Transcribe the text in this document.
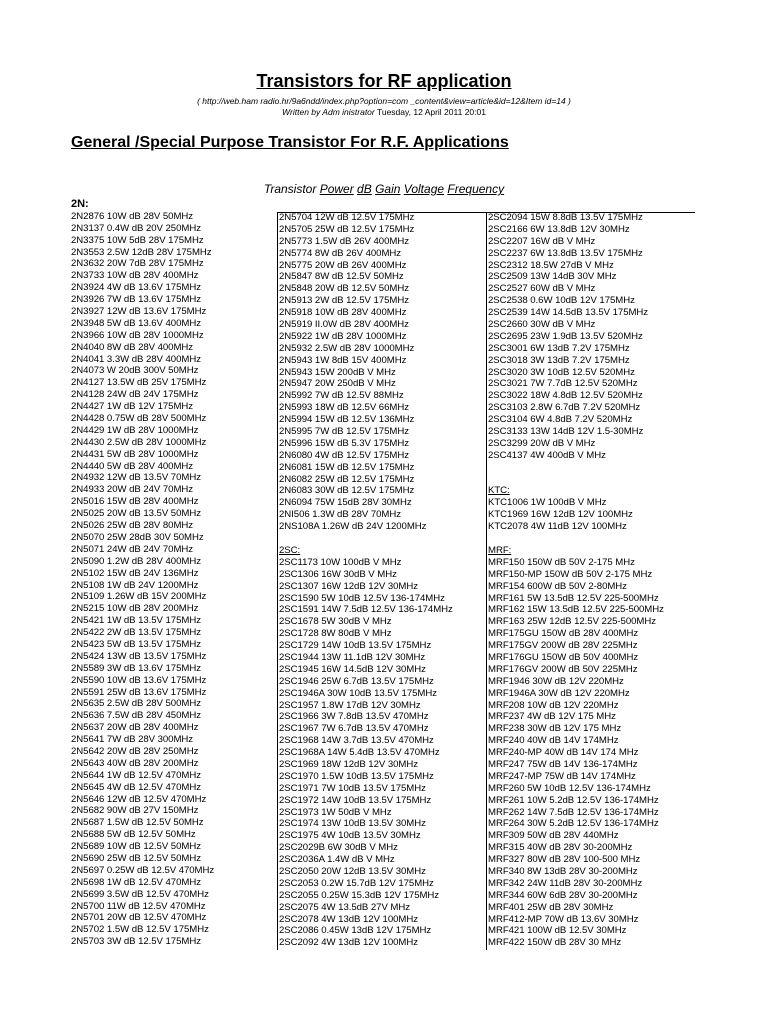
Transistors for RF application

( http://web.ham radio.hr/9a6ndd/index.php?option=com _content&view=article&id=12&Item id=14 )

Written by Adm inistrator Tuesday, 12 April 2011 20:01

General /Special Purpose Transistor For R.F. Applications

Transistor Power dB Gain Voltage Frequency

2N:
2N2876 10W dB 28V 50MHz
2N3137 0.4W dB 20V 250MHz
2N3375 10W 5dB 28V 175MHz
2N3553 2.5W 12dB 28V 175MHz
2N3632 20W 7dB 28V 175MHz
2N3733 10W dB 28V 400MHz
2N3924 4W dB 13.6V 175MHz
2N3926 7W dB 13.6V 175MHz
2N3927 12W dB 13.6V 175MHz
2N3948 5W dB 13.6V 400MHz
2N3966 10W dB 28V 1000MHz
2N4040 8W dB 28V 400MHz
2N4041 3.3W dB 28V 400MHz
2N4073 W 20dB 300V 50MHz
2N4127 13.5W dB 25V 175MHz
2N4128 24W dB 24V 175MHz
2N4427 1W dB 12V 175MHz
2N4428 0.75W dB 28V 500MHz
2N4429 1W dB 28V 1000MHz
2N4430 2.5W dB 28V 1000MHz
2N4431 5W dB 28V 1000MHz
2N4440 5W dB 28V 400MHz
2N4932 12W dB 13.5V 70MHz
2N4933 20W dB 24V 70MHz
2N5016 15W dB 28V 400MHz
2N5025 20W dB 13.5V 50MHz
2N5026 25W dB 28V 80MHz
2N5070 25W 28dB 30V 50MHz
2N5071 24W dB 24V 70MHz
2N5090 1.2W dB 28V 400MHz
2N5102 15W dB 24V 136MHz
2N5108 1W dB 24V 1200MHz
2N5109 1.26W dB 15V 200MHz
2N5215 10W dB 28V 200MHz
2N5421 1W dB 13.5V 175MHz
2N5422 2W dB 13.5V 175MHz
2N5423 5W dB 13.5V 175MHz
2N5424 13W dB 13.5V 175MHz
2N5589 3W dB 13.6V 175MHz
2N5590 10W dB 13.6V 175MHz
2N5591 25W dB 13.6V 175MHz
2N5635 2.5W dB 28V 500MHz
2N5636 7.5W dB 28V 450MHz
2N5637 20W dB 28V 400MHz
2N5641 7W dB 28V 300MHz
2N5642 20W dB 28V 250MHz
2N5643 40W dB 28V 200MHz
2N5644 1W dB 12.5V 470MHz
2N5645 4W dB 12.5V 470MHz
2N5646 12W dB 12.5V 470MHz
2N5682 90W dB 27V 150MHz
2N5687 1.5W dB 12.5V 50MHz
2N5688 5W dB 12.5V 50MHz
2N5689 10W dB 12.5V 50MHz
2N5690 25W dB 12.5V 50MHz
2N5697 0.25W dB 12.5V 470MHz
2N5698 1W dB 12.5V 470MHz
2N5699 3.5W dB 12.5V 470MHz
2N5700 11W dB 12.5V 470MHz
2N5701 20W dB 12.5V 470MHz
2N5702 1.5W dB 12.5V 175MHz
2N5703 3W dB 12.5V 175MHz
2N5704 12W dB 12.5V 175MHz
2N5705 25W dB 12.5V 175MHz
2N5773 1.5W dB 26V 400MHz
2N5774 8W dB 26V 400MHz
2N5775 20W dB 26V 400MHz
2N5847 8W dB 12.5V 50MHz
2N5848 20W dB 12.5V 50MHz
2N5913 2W dB 12.5V 175MHz
2N5918 10W dB 28V 400MHz
2N5919 II.0W dB 28V 400MHz
2N5922 1W dB 28V 1000MHz
2N5932 2.5W dB 28V 1000MHz
2N5943 1W 8dB 15V 400MHz
2N5943 15W 200dB V MHz
2N5947 20W 250dB V MHz
2N5992 7W dB 12.5V 88MHz
2N5993 18W dB 12.5V 66MHz
2N5994 15W dB 12.5V 136MHz
2N5995 7W dB 12.5V 175MHz
2N5996 15W dB 5.3V 175MHz
2N6080 4W dB 12.5V 175MHz
2N6081 15W dB 12.5V 175MHz
2N6082 25W dB 12.5V 175MHz
2N6083 30W dB 12.5V 175MHz
2N6094 75W 15dB 28V 30MHz
2NI506 1.3W dB 28V 70MHz
2NS108A 1.26W dB 24V 1200MHz
2SC:
2SC1173 10W 100dB V MHz
2SC1306 16W 30dB V MHz
2SC1307 16W 12dB 12V 30MHz
2SC1590 5W 10dB 12.5V 136-174MHz
2SC1591 14W 7.5dB 12.5V 136-174MHz
2SC1678 5W 30dB V MHz
2SC1728 8W 80dB V MHz
2SC1729 14W 10dB 13.5V 175MHz
2SC1944 13W 11.1dB 12V 30MHz
2SC1945 16W 14.5dB 12V 30MHz
2SC1946 25W 6.7dB 13.5V 175MHz
2SC1946A 30W 10dB 13.5V 175MHz
2SC1957 1.8W 17dB 12V 30MHz
2SC1966 3W 7.8dB 13.5V 470MHz
2SC1967 7W 6.7dB 13.5V 470MHz
2SC1968 14W 3.7dB 13.5V 470MHz
2SC1968A 14W 5.4dB 13.5V 470MHz
2SC1969 18W 12dB 12V 30MHz
2SC1970 1.5W 10dB 13.5V 175MHz
2SC1971 7W 10dB 13.5V 175MHz
2SC1972 14W 10dB 13.5V 175MHz
2SC1973 1W 50dB V MHz
2SC1974 13W 10dB 13.5V 30MHz
2SC1975 4W 10dB 13.5V 30MHz
2SC2029B 6W 30dB V MHz
2SC2036A 1.4W dB V MHz
2SC2050 20W 12dB 13.5V 30MHz
2SC2053 0.2W 15.7dB 12V 175MHz
2SC2055 0.25W 15.3dB 12V 175MHz
2SC2075 4W 13.5dB 27V MHz
2SC2078 4W 13dB 12V 100MHz
2SC2086 0.45W 13dB 12V 175MHz
2SC2092 4W 13dB 12V 100MHz
2SC2094 15W 8.8dB 13.5V 175MHz
2SC2166 6W 13.8dB 12V 30MHz
2SC2207 16W dB V MHz
2SC2237 6W 13.8dB 13.5V 175MHz
2SC2312 18.5W 27dB V MHz
2SC2509 13W 14dB 30V MHz
2SC2527 60W dB V MHz
2SC2538 0.6W 10dB 12V 175MHz
2SC2539 14W 14.5dB 13.5V 175MHz
2SC2660 30W dB V MHz
2SC2695 23W 1.9dB 13.5V 520MHz
2SC3001 6W 13dB 7.2V 175MHz
2SC3018 3W 13dB 7.2V 175MHz
2SC3020 3W 10dB 12.5V 520MHz
2SC3021 7W 7.7dB 12.5V 520MHz
2SC3022 18W 4.8dB 12.5V 520MHz
2SC3103 2.8W 6.7dB 7.2V 520MHz
2SC3104 6W 4.8dB 7.2V 520MHz
2SC3133 13W 14dB 12V 1.5-30MHz
2SC3299 20W dB V MHz
2SC4137 4W 400dB V MHz
KTC:
KTC1006 1W 100dB V MHz
KTC1969 16W 12dB 12V 100MHz
KTC2078 4W 11dB 12V 100MHz
MRF:
MRF150 150W dB 50V 2-175 MHz
MRF150-MP 150W dB 50V 2-175 MHz
MRF154 600W dB 50V 2-80MHz
MRF161 5W 13.5dB 12.5V 225-500MHz
MRF162 15W 13.5dB 12.5V 225-500MHz
MRF163 25W 12dB 12.5V 225-500MHz
MRF175GU 150W dB 28V 400MHz
MRF175GV 200W dB 28V 225MHz
MRF176GU 150W dB 50V 400MHz
MRF176GV 200W dB 50V 225MHz
MRF1946 30W dB 12V 220MHz
MRF1946A 30W dB 12V 220MHz
MRF208 10W dB 12V 220MHz
MRF237 4W dB 12V 175 MHz
MRF238 30W dB 12V 175 MHz
MRF240 40W dB 14V 174MHz
MRF240-MP 40W dB 14V 174 MHz
MRF247 75W dB 14V 136-174MHz
MRF247-MP 75W dB 14V 174MHz
MRF260 5W 10dB 12.5V 136-174MHz
MRF261 10W 5.2dB 12.5V 136-174MHz
MRF262 14W 7.5dB 12.5V 136-174MHz
MRF264 30W 5.2dB 12.5V 136-174MHz
MRF309 50W dB 28V 440MHz
MRF315 40W dB 28V 30-200MHz
MRF327 80W dB 28V 100-500 MHz
MRF340 8W 13dB 28V 30-200MHz
MRF342 24W 11dB 28V 30-200MHz
MRF344 60W 6dB 28V 30-200MHz
MRF401 25W dB 28V 30MHz
MRF412-MP 70W dB 13.6V 30MHz
MRF421 100W dB 12.5V 30MHz
MRF422 150W dB 28V 30 MHz
